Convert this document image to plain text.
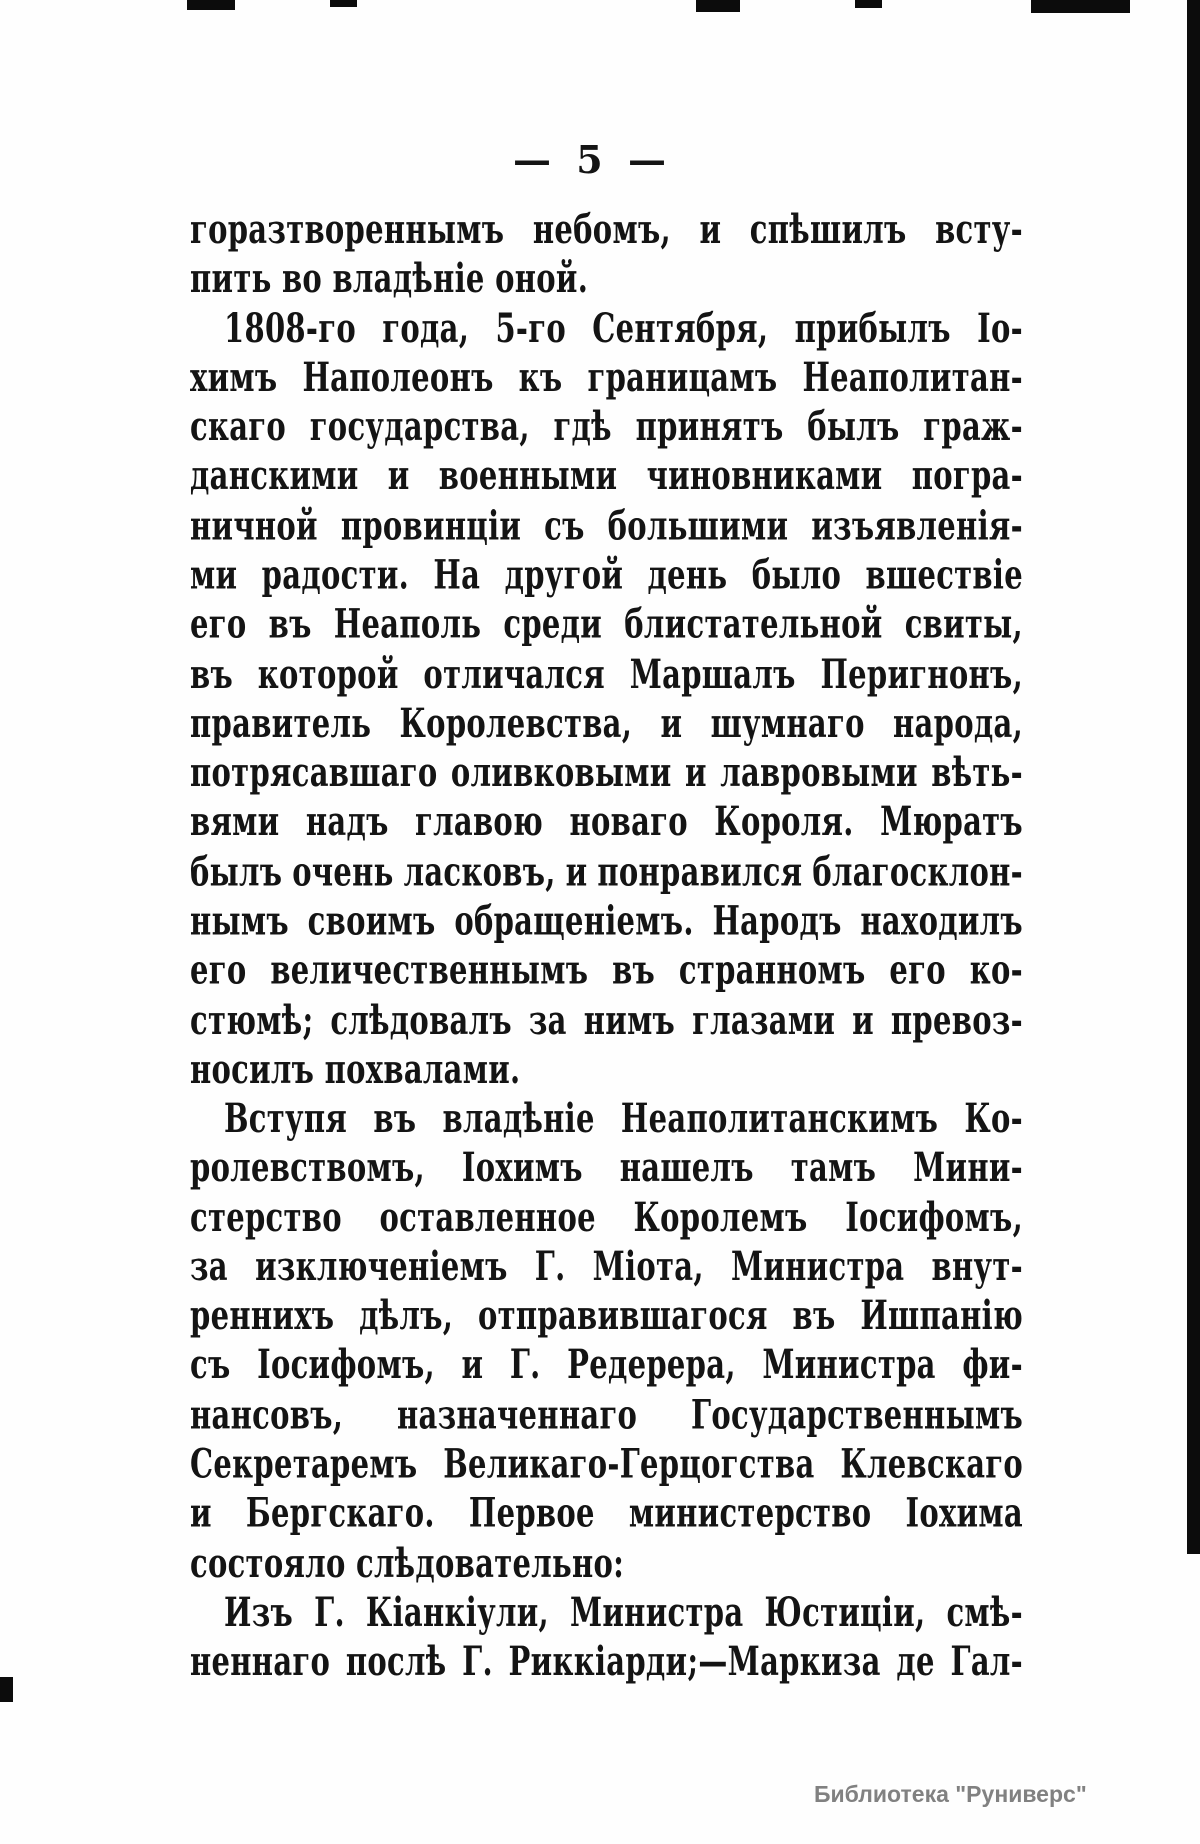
— 5 —
горазтвореннымъ небомъ, и спѣшилъ всту-
пить во владѣніе оной.
1808-го года, 5-го Сентября, прибылъ Іо-
химъ Наполеонъ къ границамъ Неаполитан-
скаго государства, гдѣ принятъ былъ граж-
данскими и военными чиновниками погра-
ничной провинціи съ большими изъявленія-
ми радости. На другой день было вшествіе
его въ Неаполь среди блистательной свиты,
въ которой отличался Маршалъ Перигнонъ,
правитель Королевства, и шумнаго народа,
потрясавшаго оливковыми и лавровыми вѣть-
вями надъ главою новаго Короля. Мюратъ
былъ очень ласковъ, и понравился благосклон-
нымъ своимъ обращеніемъ. Народъ находилъ
его величественнымъ въ странномъ его ко-
стюмѣ; слѣдовалъ за нимъ глазами и превоз-
носилъ похвалами.
Вступя въ владѣніе Неаполитанскимъ Ко-
ролевствомъ, Іохимъ нашелъ тамъ Мини-
стерство оставленное Королемъ Іосифомъ,
за изключеніемъ Г. Міота, Министра внут-
реннихъ дѣлъ, отправившагося въ Ишпанію
съ Іосифомъ, и Г. Редерера, Министра фи-
нансовъ, назначеннаго Государственнымъ
Секретаремъ Великаго-Герцогства Клевскаго
и Бергскаго. Первое министерство Іохима
состояло слѣдовательно:
Изъ Г. Кіанкіули, Министра Юстиціи, смѣ-
неннаго послѣ Г. Риккіарди;—Маркиза де Гал-
Библиотека "Руниверс"
